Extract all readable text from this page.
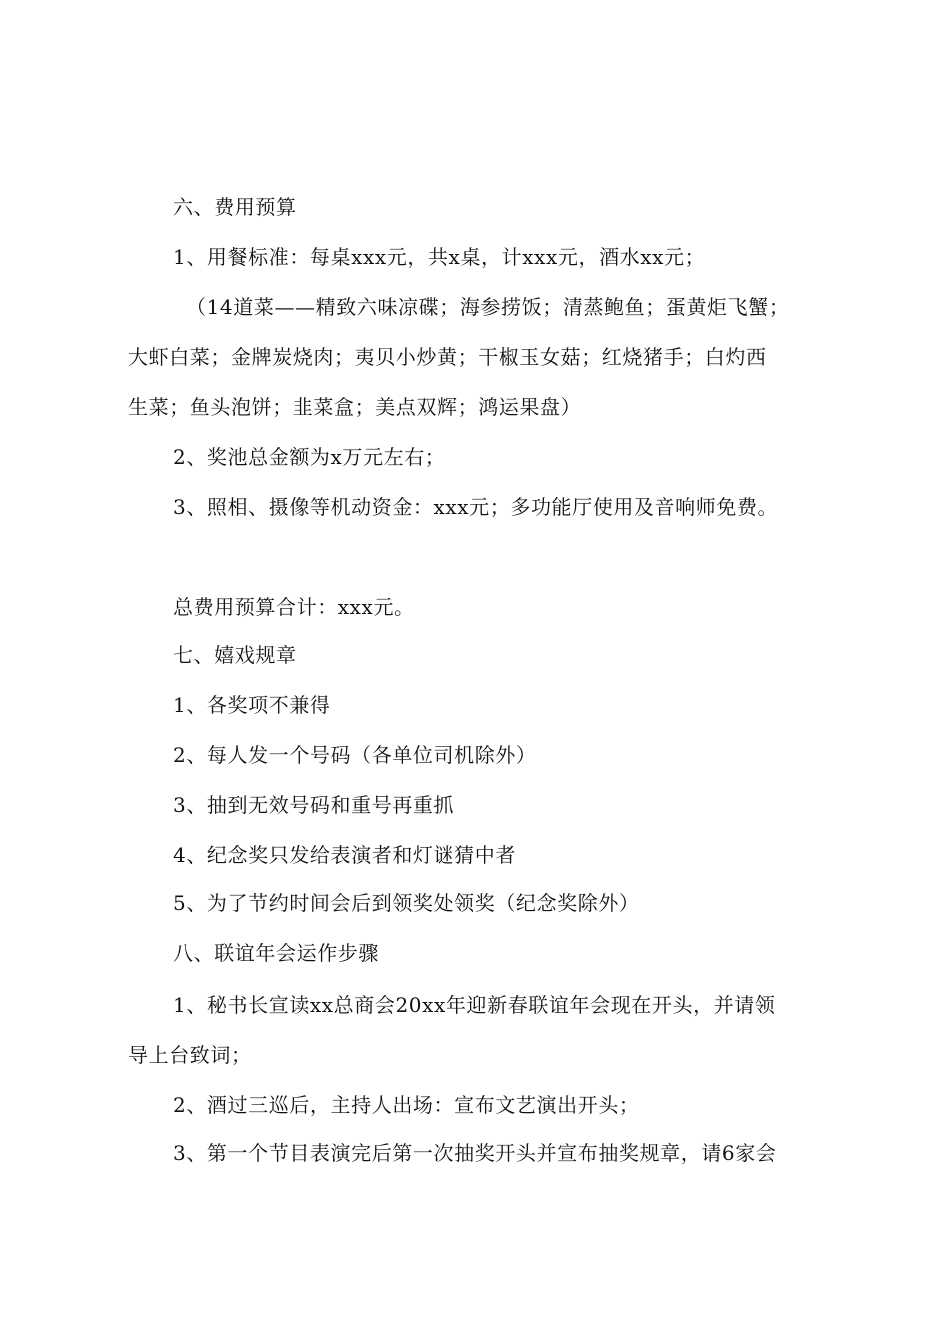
六、费用预算
1、用餐标准：每桌xxx元，共x桌，计xxx元，酒水xx元；
（14道菜——精致六味凉碟；海参捞饭；清蒸鲍鱼；蛋黄炬飞蟹；
大虾白菜；金牌炭烧肉；夷贝小炒黄；干椒玉女菇；红烧猪手；白灼西
生菜；鱼头泡饼；韭菜盒；美点双辉；鸿运果盘）
2、奖池总金额为x万元左右；
3、照相、摄像等机动资金：xxx元；多功能厅使用及音响师免费。
总费用预算合计：xxx元。
七、嬉戏规章
1、各奖项不兼得
2、每人发一个号码（各单位司机除外）
3、抽到无效号码和重号再重抓
4、纪念奖只发给表演者和灯谜猜中者
5、为了节约时间会后到领奖处领奖（纪念奖除外）
八、联谊年会运作步骤
1、秘书长宣读xx总商会20xx年迎新春联谊年会现在开头，并请领
导上台致词；
2、酒过三巡后，主持人出场：宣布文艺演出开头；
3、第一个节目表演完后第一次抽奖开头并宣布抽奖规章，请6家会
